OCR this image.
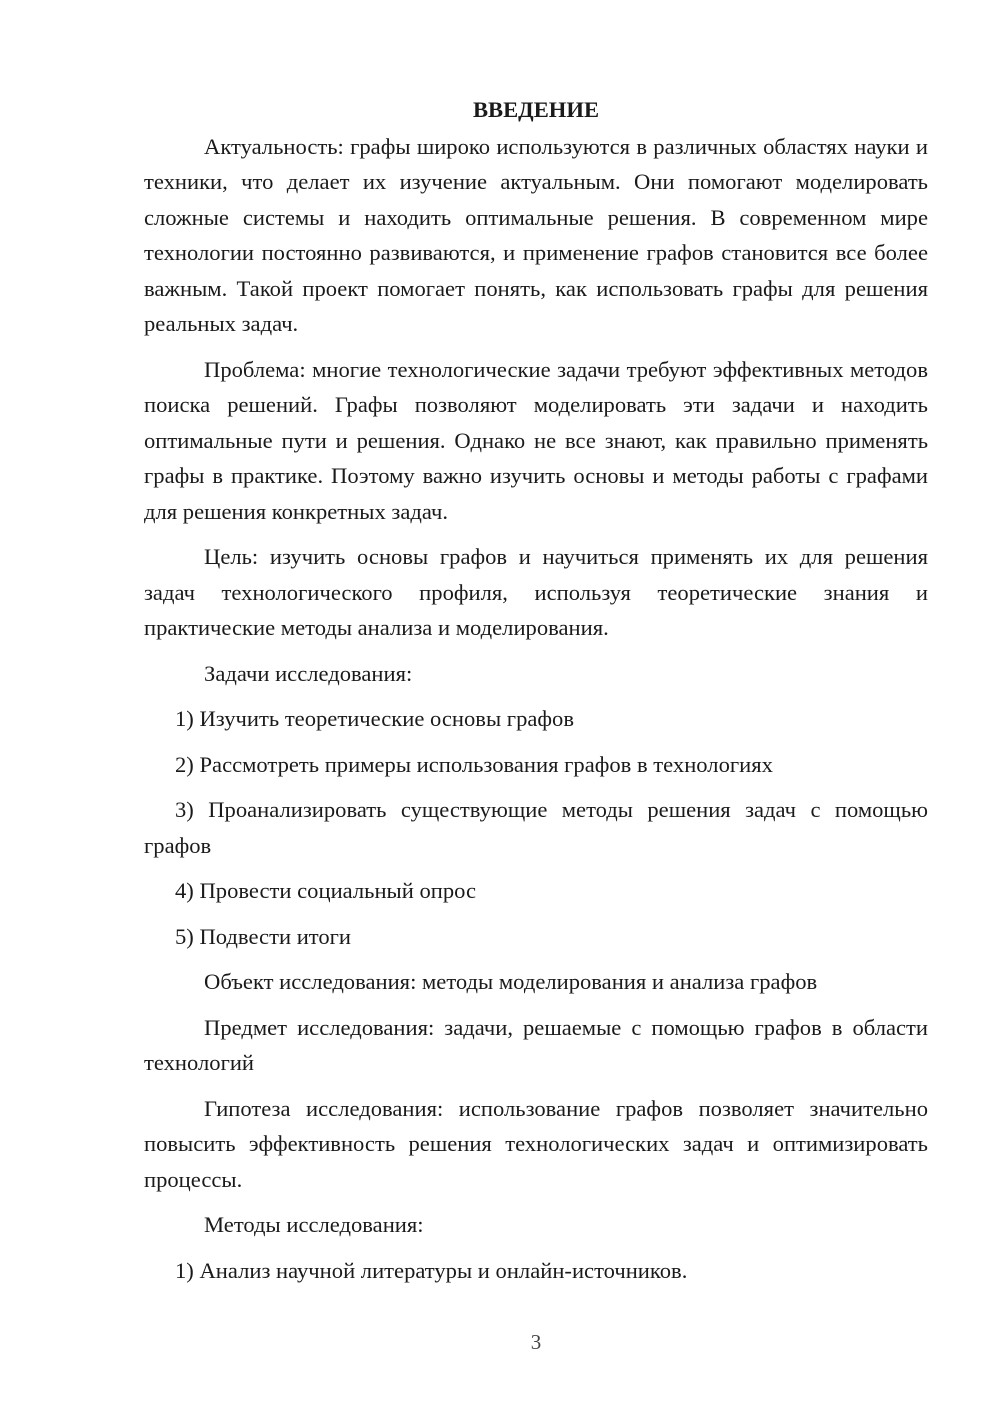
ВВЕДЕНИЕ

Актуальность: графы широко используются в различных областях науки и техники, что делает их изучение актуальным. Они помогают моделировать сложные системы и находить оптимальные решения. В современном мире технологии постоянно развиваются, и применение графов становится все более важным. Такой проект помогает понять, как использовать графы для решения реальных задач.

Проблема: многие технологические задачи требуют эффективных методов поиска решений. Графы позволяют моделировать эти задачи и находить оптимальные пути и решения. Однако не все знают, как правильно применять графы в практике. Поэтому важно изучить основы и методы работы с графами для решения конкретных задач.

Цель: изучить основы графов и научиться применять их для решения задач технологического профиля, используя теоретические знания и практические методы анализа и моделирования.

Задачи исследования:

1) Изучить теоретические основы графов

2) Рассмотреть примеры использования графов в технологиях

3) Проанализировать существующие методы решения задач с помощью графов

4) Провести социальный опрос

5) Подвести итоги

Объект исследования: методы моделирования и анализа графов

Предмет исследования: задачи, решаемые с помощью графов в области технологий

Гипотеза исследования: использование графов позволяет значительно повысить эффективность решения технологических задач и оптимизировать процессы.

Методы исследования:

1) Анализ научной литературы и онлайн-источников.

3
